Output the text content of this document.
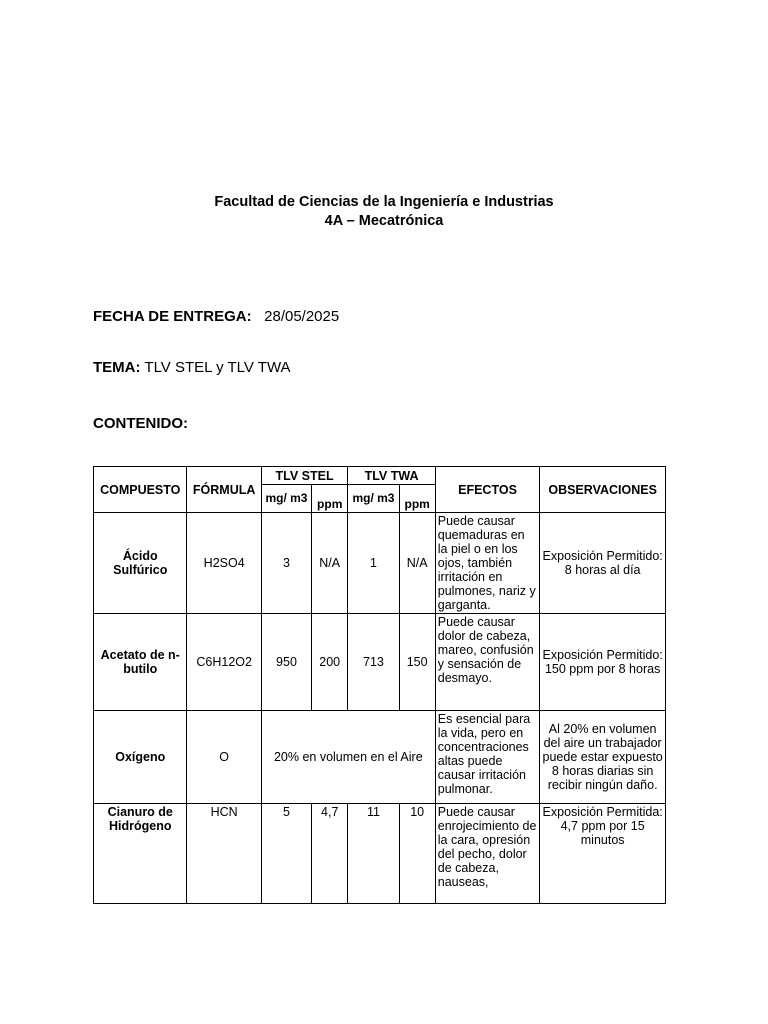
Facultad de Ciencias de la Ingeniería e Industrias
4A – Mecatrónica
FECHA DE ENTREGA: 28/05/2025
TEMA: TLV STEL y TLV TWA
CONTENIDO:
COMPUESTO	FÓRMULA	TLV STEL		TLV TWA		EFECTOS	OBSERVACIONES
		mg/ m3	ppm	mg/ m3	ppm		
Ácido Sulfúrico	H2SO4	3	N/A	1	N/A	Puede causar quemaduras en la piel o en los ojos, también irritación en pulmones, nariz y garganta.	Exposición Permitido: 8 horas al día
Acetato de n-butilo	C6H12O2	950	200	713	150	Puede causar dolor de cabeza, mareo, confusión y sensación de desmayo.	Exposición Permitido: 150 ppm por 8 horas
Oxígeno	O	20% en volumen en el Aire				Es esencial para la vida, pero en concentraciones altas puede causar irritación pulmonar.	Al 20% en volumen del aire un trabajador puede estar expuesto 8 horas diarias sin recibir ningún daño.
Cianuro de Hidrógeno	HCN	5	4,7	11	10	Puede causar enrojecimiento de la cara, opresión del pecho, dolor de cabeza, nauseas,	Exposición Permitida: 4,7 ppm por 15 minutos
